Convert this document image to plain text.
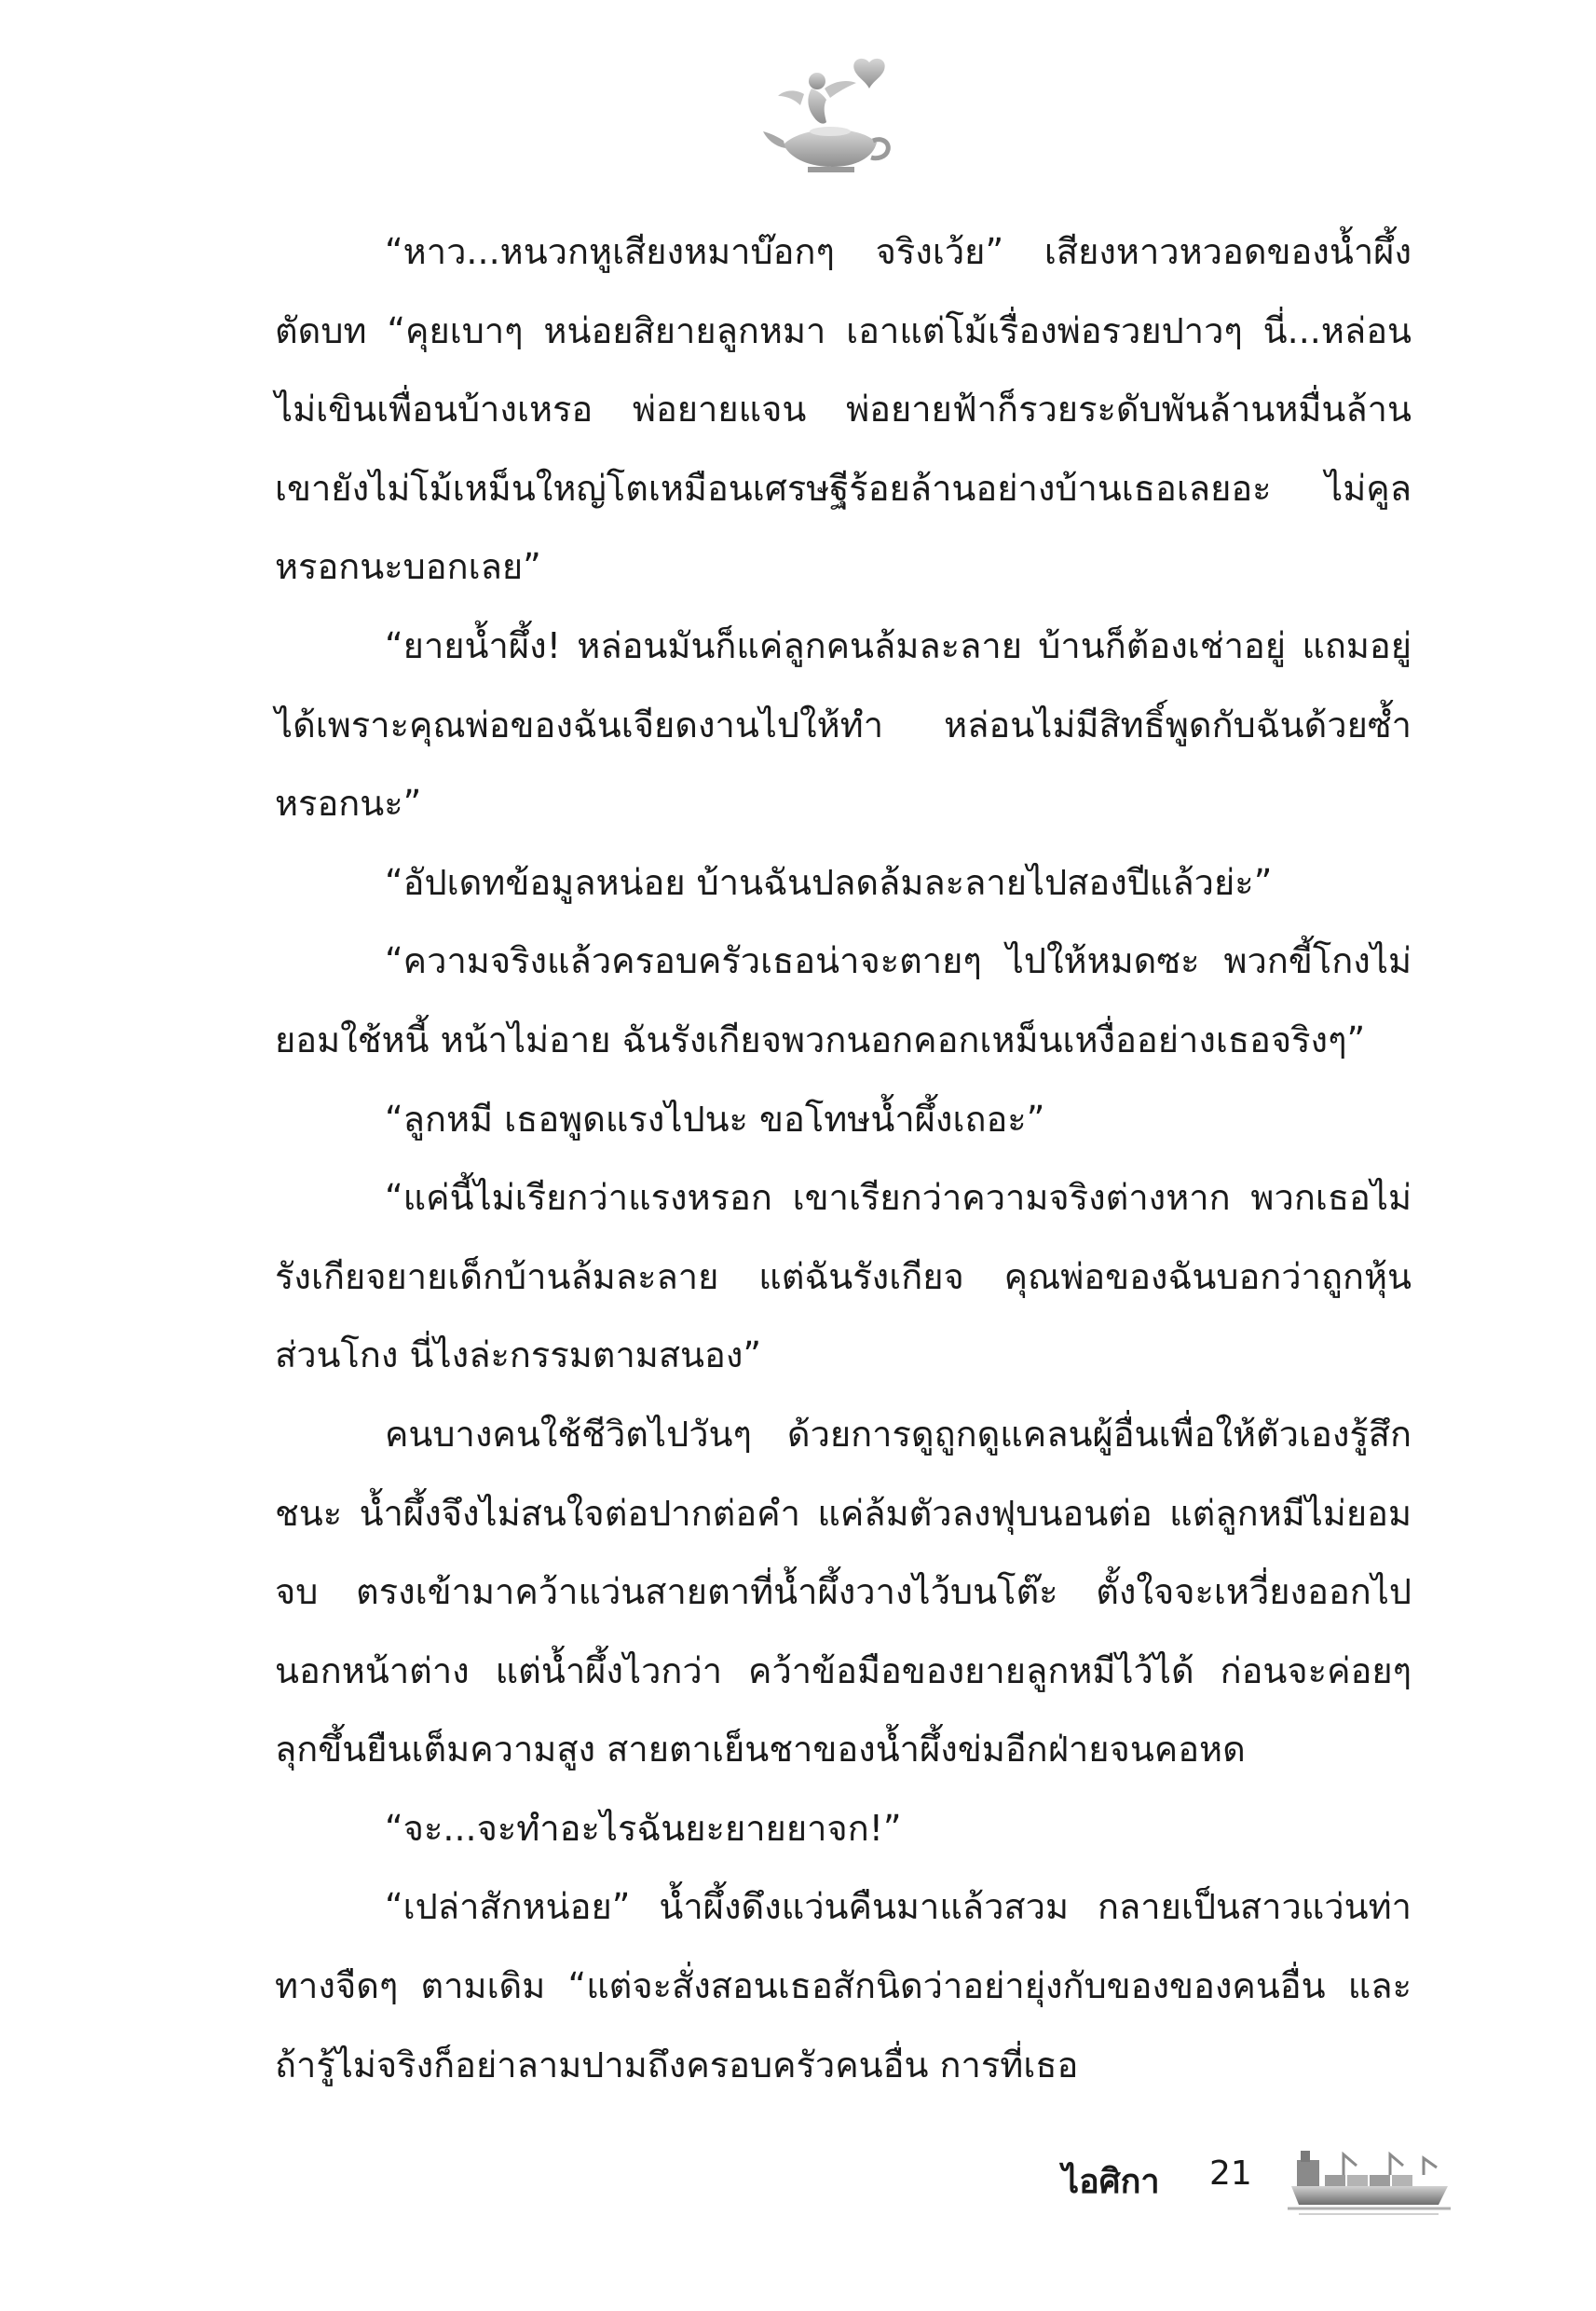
“หาว...หนวกหูเสียงหมาบ๊อกๆ จริงเว้ย” เสียงหาวหวอดของน้ำผึ้งตัดบท “คุยเบาๆ หน่อยสิยายลูกหมา เอาแต่โม้เรื่องพ่อรวยปาวๆ นี่...หล่อนไม่เขินเพื่อนบ้างเหรอ พ่อยายแจน พ่อยายฟ้าก็รวยระดับพันล้านหมื่นล้าน เขายังไม่โม้เหม็นใหญ่โตเหมือนเศรษฐีร้อยล้านอย่างบ้านเธอเลยอะ ไม่คูลหรอกนะบอกเลย”

“ยายน้ำผึ้ง! หล่อนมันก็แค่ลูกคนล้มละลาย บ้านก็ต้องเช่าอยู่ แถมอยู่ได้เพราะคุณพ่อของฉันเจียดงานไปให้ทำ หล่อนไม่มีสิทธิ์พูดกับฉันด้วยซ้ำหรอกนะ”

“อัปเดทข้อมูลหน่อย บ้านฉันปลดล้มละลายไปสองปีแล้วย่ะ”

“ความจริงแล้วครอบครัวเธอน่าจะตายๆ ไปให้หมดซะ พวกขี้โกงไม่ยอมใช้หนี้ หน้าไม่อาย ฉันรังเกียจพวกนอกคอกเหม็นเหงื่ออย่างเธอจริงๆ”

“ลูกหมี เธอพูดแรงไปนะ ขอโทษน้ำผึ้งเถอะ”

“แค่นี้ไม่เรียกว่าแรงหรอก เขาเรียกว่าความจริงต่างหาก พวกเธอไม่รังเกียจยายเด็กบ้านล้มละลาย แต่ฉันรังเกียจ คุณพ่อของฉันบอกว่าถูกหุ้นส่วนโกง นี่ไงล่ะกรรมตามสนอง”

คนบางคนใช้ชีวิตไปวันๆ ด้วยการดูถูกดูแคลนผู้อื่นเพื่อให้ตัวเองรู้สึกชนะ น้ำผึ้งจึงไม่สนใจต่อปากต่อคำ แค่ล้มตัวลงฟุบนอนต่อ แต่ลูกหมีไม่ยอมจบ ตรงเข้ามาคว้าแว่นสายตาที่น้ำผึ้งวางไว้บนโต๊ะ ตั้งใจจะเหวี่ยงออกไปนอกหน้าต่าง แต่น้ำผึ้งไวกว่า คว้าข้อมือของยายลูกหมีไว้ได้ ก่อนจะค่อยๆ ลุกขึ้นยืนเต็มความสูง สายตาเย็นชาของน้ำผึ้งข่มอีกฝ่ายจนคอหด

“จะ...จะทำอะไรฉันยะยายยาจก!”

“เปล่าสักหน่อย” น้ำผึ้งดึงแว่นคืนมาแล้วสวม กลายเป็นสาวแว่นท่าทางจืดๆ ตามเดิม “แต่จะสั่งสอนเธอสักนิดว่าอย่ายุ่งกับของของคนอื่น และถ้ารู้ไม่จริงก็อย่าลามปามถึงครอบครัวคนอื่น การที่เธอ

ไอศิกา 21
